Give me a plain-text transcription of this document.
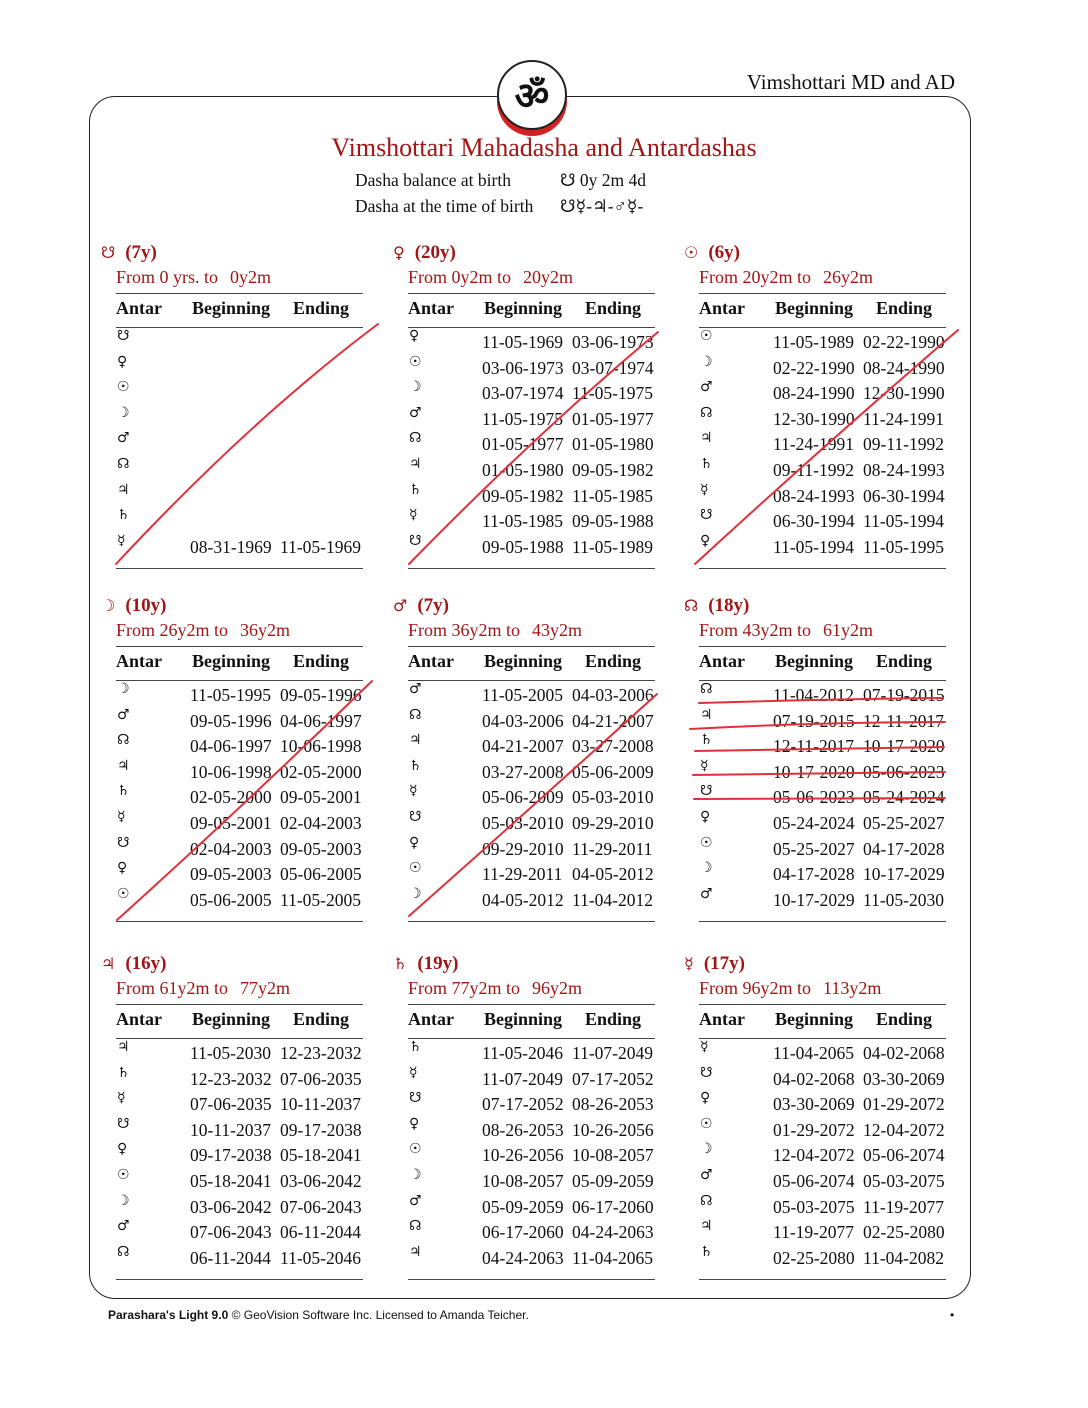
Vimshottari MD and AD
ॐ
Vimshottari Mahadasha and Antardashas
Dasha balance at birth	☋ 0y 2m 4d
Dasha at the time of birth ☋☿-♃-♂☿-
☋ (7y)
From 0 yrs. to 0y2m
Antar Beginning Ending
☋
♀
☉
☽
♂
☊
♃
♄
☿	08-31-1969 11-05-1969
♀ (20y)
From 0y2m to 20y2m
Antar Beginning Ending
♀	11-05-1969 03-06-1973
☉	03-06-1973 03-07-1974
☽	03-07-1974 11-05-1975
♂	11-05-1975 01-05-1977
☊	01-05-1977 01-05-1980
♃	01-05-1980 09-05-1982
♄	09-05-1982 11-05-1985
☿	11-05-1985 09-05-1988
☋	09-05-1988 11-05-1989
☉ (6y)
From 20y2m to 26y2m
Antar Beginning Ending
☉	11-05-1989 02-22-1990
☽	02-22-1990 08-24-1990
♂	08-24-1990 12-30-1990
☊	12-30-1990 11-24-1991
♃	11-24-1991 09-11-1992
♄	09-11-1992 08-24-1993
☿	08-24-1993 06-30-1994
☋	06-30-1994 11-05-1994
♀	11-05-1994 11-05-1995
☽ (10y)
From 26y2m to 36y2m
Antar Beginning Ending
☽	11-05-1995 09-05-1996
♂	09-05-1996 04-06-1997
☊	04-06-1997 10-06-1998
♃	10-06-1998 02-05-2000
♄	02-05-2000 09-05-2001
☿	09-05-2001 02-04-2003
☋	02-04-2003 09-05-2003
♀	09-05-2003 05-06-2005
☉	05-06-2005 11-05-2005
♂ (7y)
From 36y2m to 43y2m
Antar Beginning Ending
♂	11-05-2005 04-03-2006
☊	04-03-2006 04-21-2007
♃	04-21-2007 03-27-2008
♄	03-27-2008 05-06-2009
☿	05-06-2009 05-03-2010
☋	05-03-2010 09-29-2010
♀	09-29-2010 11-29-2011
☉	11-29-2011 04-05-2012
☽	04-05-2012 11-04-2012
☊ (18y)
From 43y2m to 61y2m
Antar Beginning Ending
☊	11-04-2012 07-19-2015
♃	07-19-2015 12-11-2017
♄	12-11-2017 10-17-2020
☿	10-17-2020 05-06-2023
☋	05-06-2023 05-24-2024
♀	05-24-2024 05-25-2027
☉	05-25-2027 04-17-2028
☽	04-17-2028 10-17-2029
♂	10-17-2029 11-05-2030
♃ (16y)
From 61y2m to 77y2m
Antar Beginning Ending
♃	11-05-2030 12-23-2032
♄	12-23-2032 07-06-2035
☿	07-06-2035 10-11-2037
☋	10-11-2037 09-17-2038
♀	09-17-2038 05-18-2041
☉	05-18-2041 03-06-2042
☽	03-06-2042 07-06-2043
♂	07-06-2043 06-11-2044
☊	06-11-2044 11-05-2046
♄ (19y)
From 77y2m to 96y2m
Antar Beginning Ending
♄	11-05-2046 11-07-2049
☿	11-07-2049 07-17-2052
☋	07-17-2052 08-26-2053
♀	08-26-2053 10-26-2056
☉	10-26-2056 10-08-2057
☽	10-08-2057 05-09-2059
♂	05-09-2059 06-17-2060
☊	06-17-2060 04-24-2063
♃	04-24-2063 11-04-2065
☿ (17y)
From 96y2m to 113y2m
Antar Beginning Ending
☿	11-04-2065 04-02-2068
☋	04-02-2068 03-30-2069
♀	03-30-2069 01-29-2072
☉	01-29-2072 12-04-2072
☽	12-04-2072 05-06-2074
♂	05-06-2074 05-03-2075
☊	05-03-2075 11-19-2077
♃	11-19-2077 02-25-2080
♄	02-25-2080 11-04-2082
Parashara's Light 9.0 © GeoVision Software Inc. Licensed to Amanda Teicher.	•
